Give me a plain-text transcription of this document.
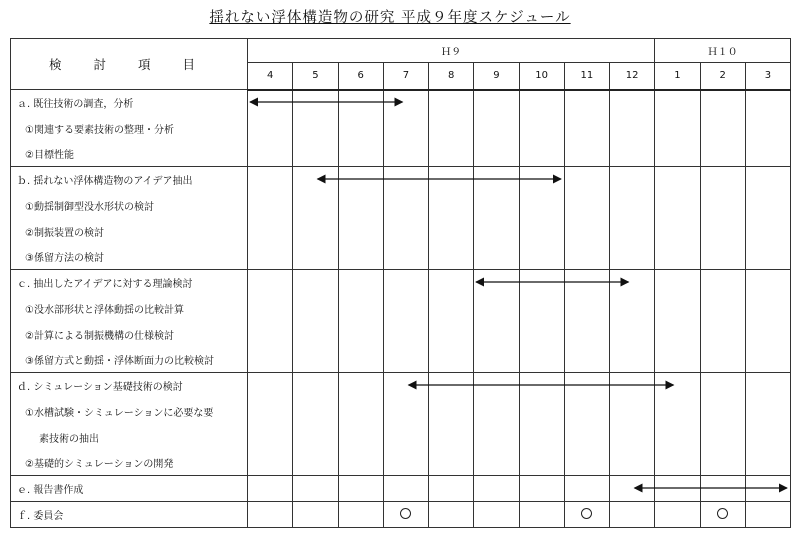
揺れない浮体構造物の研究 平成９年度スケジュール
検 討 項 目	Ｈ９									Ｈ１０		
	4	5	6	7	8	9	10	11	12	1	2	3
ａ. 既往技術の調査，分析												
①関連する要素技術の整理・分析												
②目標性能												
ｂ. 揺れない浮体構造物のアイデア抽出												
①動揺制御型没水形状の検討												
②制振装置の検討												
③係留方法の検討												
ｃ. 抽出したアイデアに対する理論検討												
①没水部形状と浮体動揺の比較計算												
②計算による制振機構の仕様検討												
③係留方式と動揺・浮体断面力の比較検討												
ｄ. シミュレーション基礎技術の検討												
①水槽試験・シミュレーションに必要な要												
素技術の抽出												
②基礎的シミュレーションの開発												
ｅ. 報告書作成												
ｆ. 委員会												
